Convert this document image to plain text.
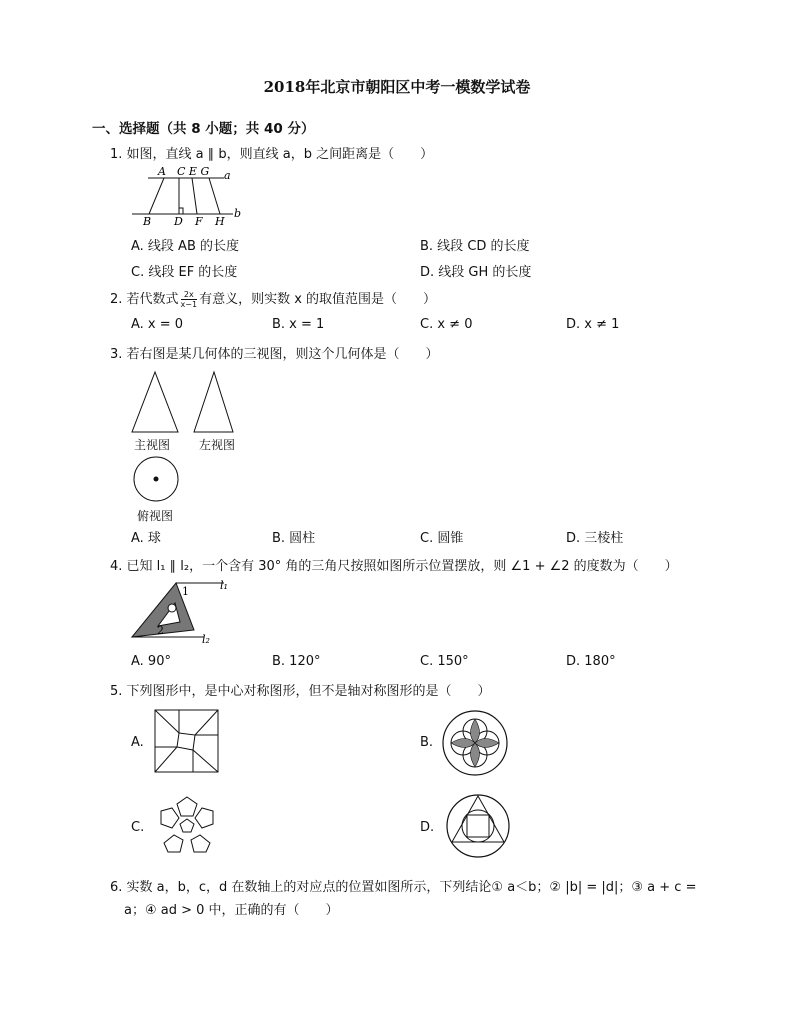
2018年北京市朝阳区中考一模数学试卷
一、选择题（共 8 小题；共 40 分）
1. 如图，直线 a ∥ b，则直线 a，b 之间距离是（　　）
A C E G a
B D F H
b
A. 线段 AB 的长度	B. 线段 CD 的长度
C. 线段 EF 的长度	D. 线段 GH 的长度
2. 若代数式 $\frac{2x}{x-1}$ 有意义，则实数 x 的取值范围是（　　）
A. x = 0	B. x = 1	C. x ≠ 0	D. x ≠ 1
3. 若右图是某几何体的三视图，则这个几何体是（　　）
主视图 左视图
俯视图
A. 球	B. 圆柱	C. 圆锥	D. 三棱柱
4. 已知 l₁ ∥ l₂，一个含有 30° 角的三角尺按照如图所示位置摆放，则 ∠1 + ∠2 的度数为（　　）
1
2
l₁
l₂
A. 90°	B. 120°	C. 150°	D. 180°
5. 下列图形中，是中心对称图形，但不是轴对称图形的是（　　）
A.	B.
C.	D.
6. 实数 a，b，c，d 在数轴上的对应点的位置如图所示，下列结论① a＜b；② |b| = |d|；③ a + c =
a；④ ad > 0 中，正确的有（　　）
